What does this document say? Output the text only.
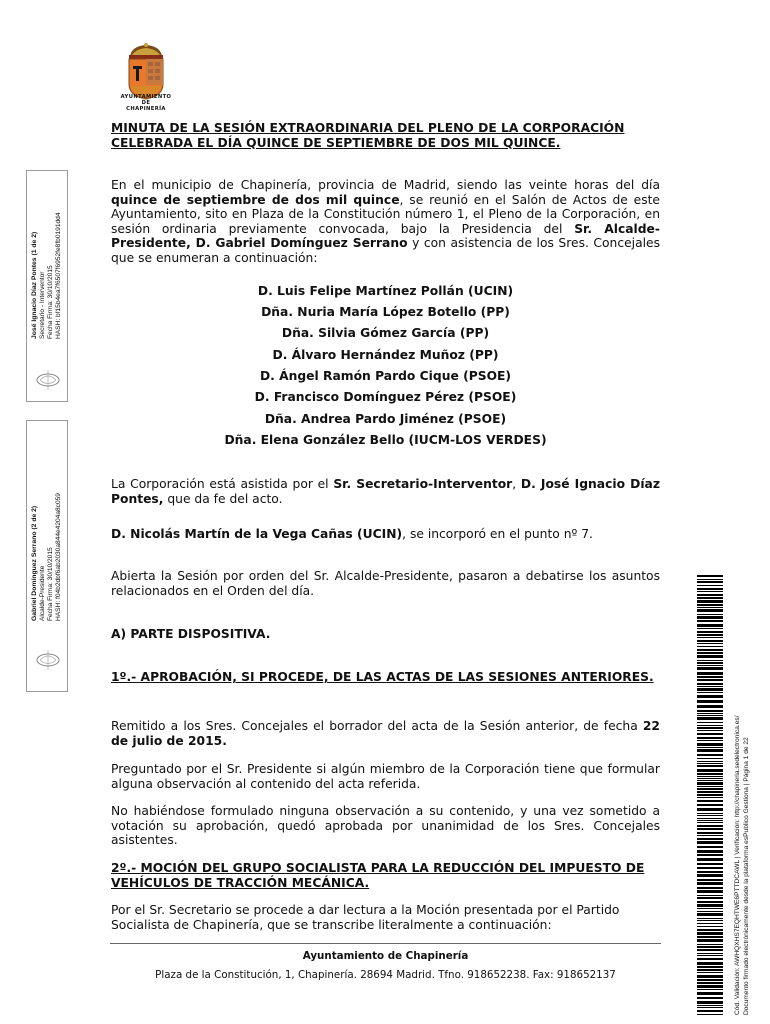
AYUNTAMIENTO
DE
CHAPINERÍA
José Ignacio Díaz Pontes (1 de 2)
Secretario - Interventor
Fecha Firma: 30/10/2015
HASH: bf15b4ea7f6507f6952fe8fb0191dd4
Gabriel Domínguez Serrano (2 de 2)
Alcalde-Presidente
Fecha Firma: 30/10/2015
HASH: f04b2dbf6ab2030a844e4204a8c059
Cód. Validación: AWHQXHS7EQHTWE6PTTDCAWL | Verificación: http://chapineria.sedelectronica.es/ Documento firmado electrónicamente desde la plataforma esPublico Gestiona | Página 1 de 22
MINUTA DE LA SESIÓN EXTRAORDINARIA DEL PLENO DE LA CORPORACIÓN
CELEBRADA EL DÍA QUINCE DE SEPTIEMBRE DE DOS MIL QUINCE.
En el municipio de Chapinería, provincia de Madrid, siendo las veinte horas del día quince de septiembre de dos mil quince, se reunió en el Salón de Actos de este Ayuntamiento, sito en Plaza de la Constitución número 1, el Pleno de la Corporación, en sesión ordinaria previamente convocada, bajo la Presidencia del Sr. Alcalde-Presidente, D. Gabriel Domínguez Serrano y con asistencia de los Sres. Concejales que se enumeran a continuación:
D. Luis Felipe Martínez Pollán (UCIN)
Dña. Nuria María López Botello (PP)
Dña. Silvia Gómez García (PP)
D. Álvaro Hernández Muñoz (PP)
D. Ángel Ramón Pardo Cique (PSOE)
D. Francisco Domínguez Pérez (PSOE)
Dña. Andrea Pardo Jiménez (PSOE)
Dña. Elena González Bello (IUCM-LOS VERDES)
La Corporación está asistida por el Sr. Secretario-Interventor, D. José Ignacio Díaz Pontes, que da fe del acto.
D. Nicolás Martín de la Vega Cañas (UCIN), se incorporó en el punto nº 7.
Abierta la Sesión por orden del Sr. Alcalde-Presidente, pasaron a debatirse los asuntos relacionados en el Orden del día.
A) PARTE DISPOSITIVA.
1º.- APROBACIÓN, SI PROCEDE, DE LAS ACTAS DE LAS SESIONES ANTERIORES.
Remitido a los Sres. Concejales el borrador del acta de la Sesión anterior, de fecha 22 de julio de 2015.
Preguntado por el Sr. Presidente si algún miembro de la Corporación tiene que formular alguna observación al contenido del acta referida.
No habiéndose formulado ninguna observación a su contenido, y una vez sometido a votación su aprobación, quedó aprobada por unanimidad de los Sres. Concejales asistentes.
2º.- MOCIÓN DEL GRUPO SOCIALISTA PARA LA REDUCCIÓN DEL IMPUESTO DE VEHÍCULOS DE TRACCIÓN MECÁNICA.
Por el Sr. Secretario se procede a dar lectura a la Moción presentada por el Partido Socialista de Chapinería, que se transcribe literalmente a continuación:
Ayuntamiento de Chapinería
Plaza de la Constitución, 1, Chapinería. 28694 Madrid. Tfno. 918652238. Fax: 918652137
